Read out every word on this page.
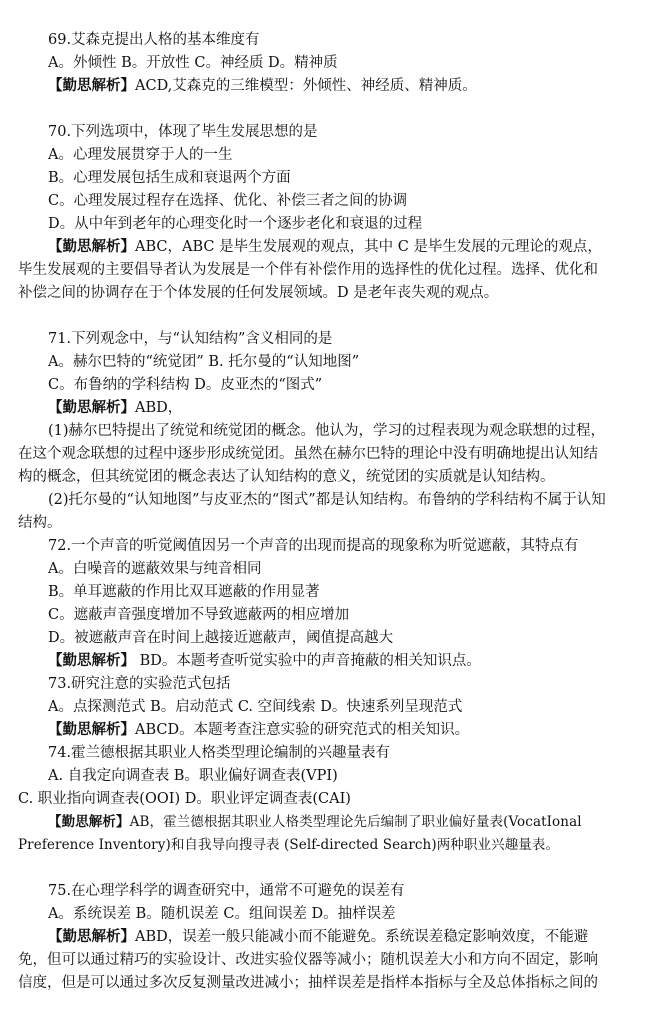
69.艾森克提出人格的基本维度有
A。外倾性 B。开放性 C。神经质 D。精神质
【勤思解析】ACD,艾森克的三维模型：外倾性、神经质、精神质。
70.下列选项中，体现了毕生发展思想的是
A。心理发展贯穿于人的一生
B。心理发展包括生成和衰退两个方面
C。心理发展过程存在选择、优化、补偿三者之间的协调
D。从中年到老年的心理变化时一个逐步老化和衰退的过程
【勤思解析】ABC，ABC 是毕生发展观的观点，其中 C 是毕生发展的元理论的观点，
毕生发展观的主要倡导者认为发展是一个伴有补偿作用的选择性的优化过程。选择、优化和
补偿之间的协调存在于个体发展的任何发展领域。D 是老年丧失观的观点。
71.下列观念中，与“认知结构”含义相同的是
A。赫尔巴特的“统觉团” B. 托尔曼的“认知地图”
C。布鲁纳的学科结构 D。皮亚杰的“图式”
【勤思解析】ABD，
(1)赫尔巴特提出了统觉和统觉团的概念。他认为，学习的过程表现为观念联想的过程，
在这个观念联想的过程中逐步形成统觉团。虽然在赫尔巴特的理论中没有明确地提出认知结
构的概念，但其统觉团的概念表达了认知结构的意义，统觉团的实质就是认知结构。
(2)托尔曼的“认知地图”与皮亚杰的“图式”都是认知结构。布鲁纳的学科结构不属于认知
结构。
72.一个声音的听觉阈值因另一个声音的出现而提高的现象称为听觉遮蔽，其特点有
A。白噪音的遮蔽效果与纯音相同
B。单耳遮蔽的作用比双耳遮蔽的作用显著
C。遮蔽声音强度增加不导致遮蔽两的相应增加
D。被遮蔽声音在时间上越接近遮蔽声，阈值提高越大
【勤思解析】 BD。本题考查听觉实验中的声音掩蔽的相关知识点。
73.研究注意的实验范式包括
A。点探测范式 B。启动范式 C. 空间线索 D。快速系列呈现范式
【勤思解析】ABCD。本题考查注意实验的研究范式的相关知识。
74.霍兰德根据其职业人格类型理论编制的兴趣量表有
A. 自我定向调查表 B。职业偏好调查表(VPI)
C. 职业指向调查表(OOI) D。职业评定调查表(CAI)
【勤思解析】AB，霍兰德根据其职业人格类型理论先后编制了职业偏好量表(VocatIonal
Preference Inventory)和自我导向搜寻表 (Self-directed Search)两种职业兴趣量表。
75.在心理学科学的调查研究中，通常不可避免的误差有
A。系统误差 B。随机误差 C。组间误差 D。抽样误差
【勤思解析】ABD，误差一般只能减小而不能避免。系统误差稳定影响效度，不能避
免，但可以通过精巧的实验设计、改进实验仪器等减小；随机误差大小和方向不固定，影响
信度，但是可以通过多次反复测量改进减小；抽样误差是指样本指标与全及总体指标之间的
